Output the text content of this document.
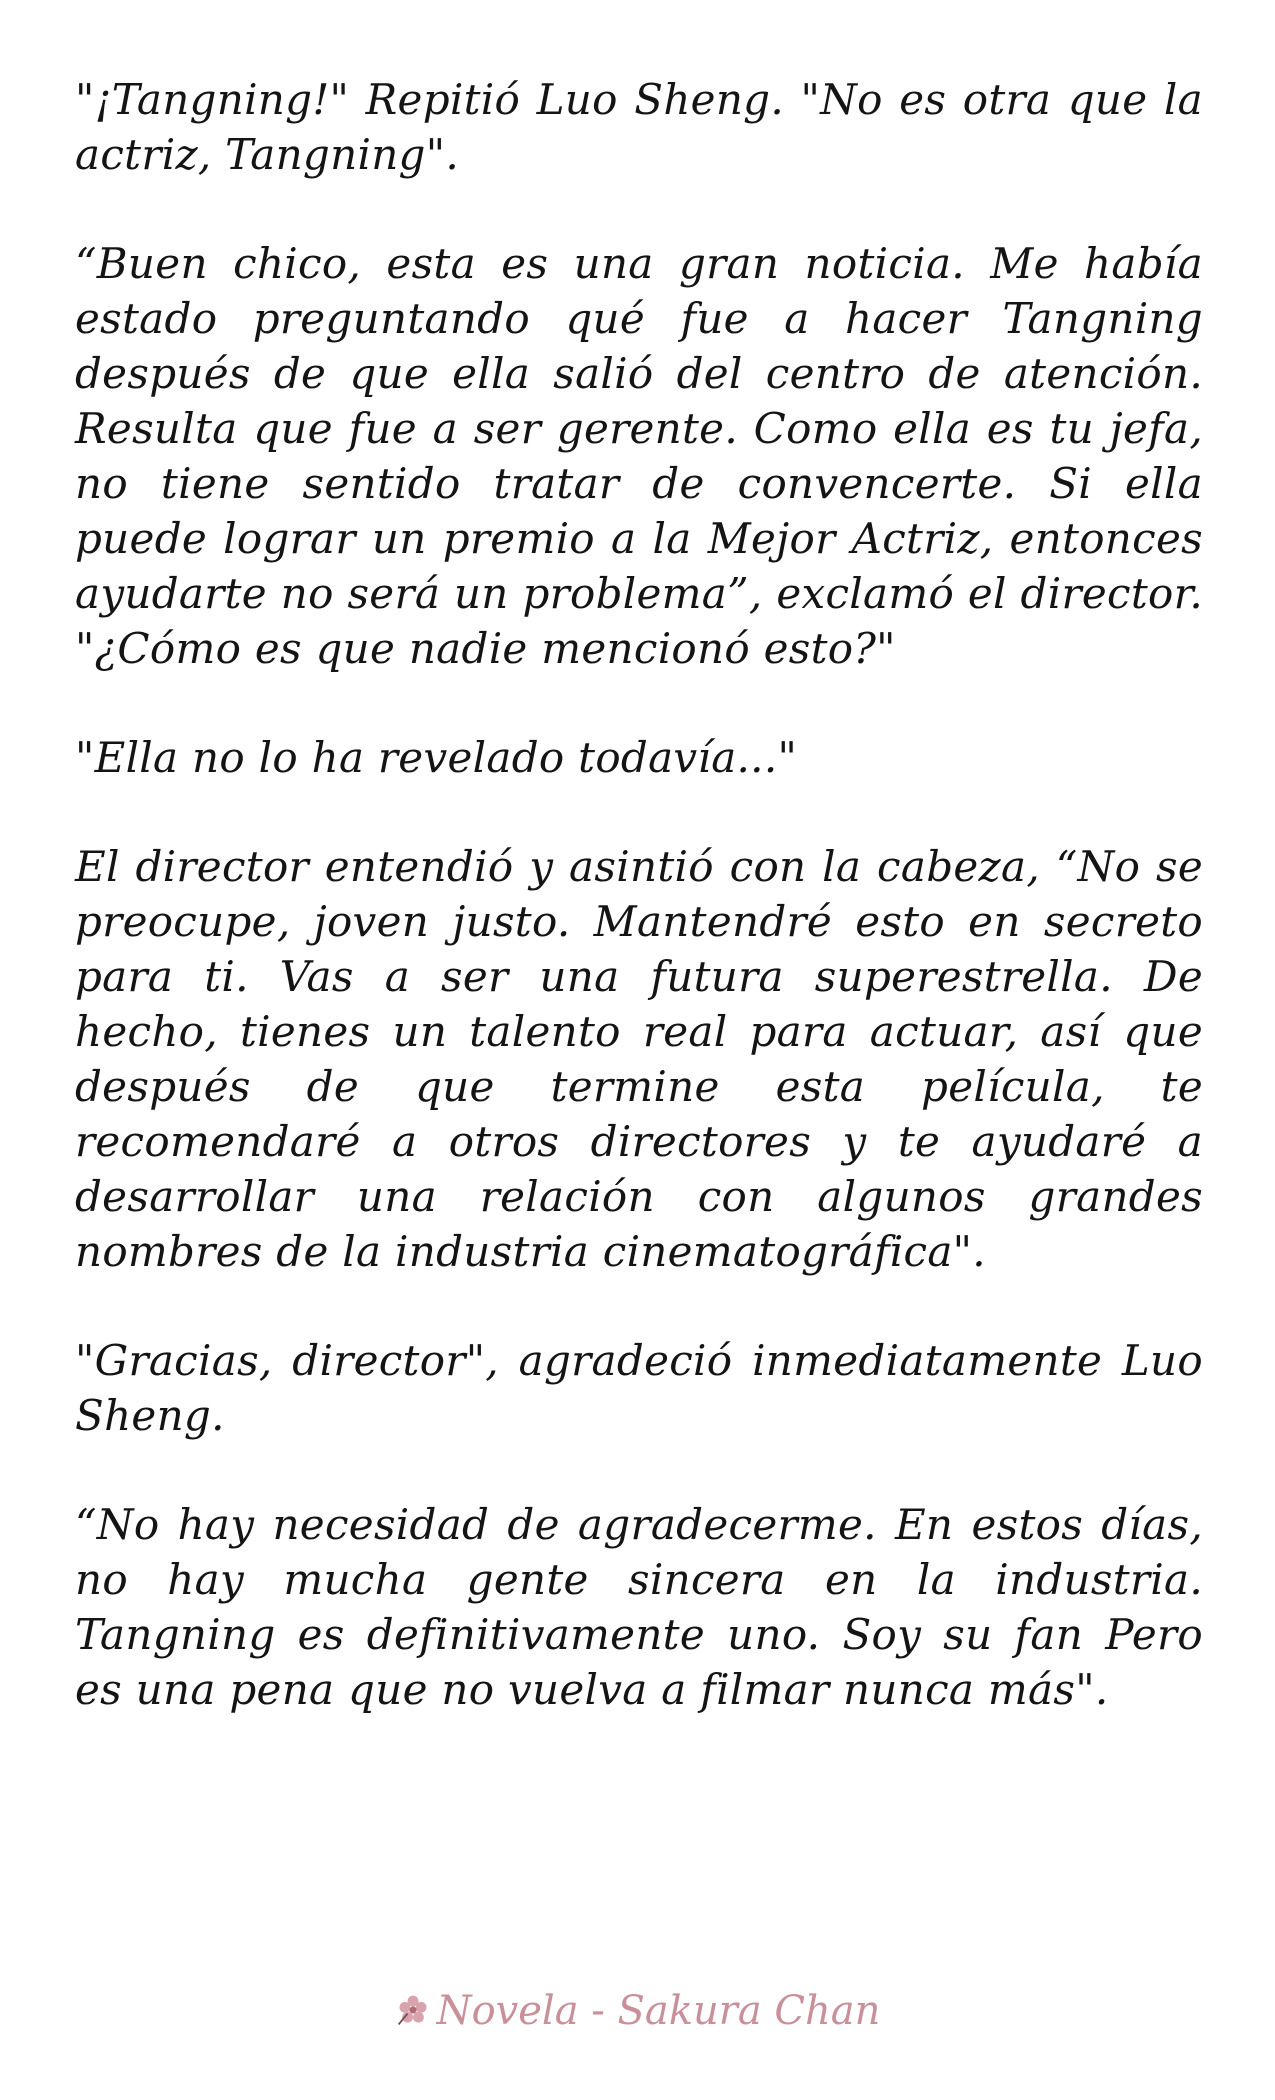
"¡Tangning!" Repitió Luo Sheng. "No es otra que la actriz, Tangning".

“Buen chico, esta es una gran noticia. Me había estado preguntando qué fue a hacer Tangning después de que ella salió del centro de atención. Resulta que fue a ser gerente. Como ella es tu jefa, no tiene sentido tratar de convencerte. Si ella puede lograr un premio a la Mejor Actriz, entonces ayudarte no será un problema”, exclamó el director. "¿Cómo es que nadie mencionó esto?"

"Ella no lo ha revelado todavía..."

El director entendió y asintió con la cabeza, “No se preocupe, joven justo. Mantendré esto en secreto para ti. Vas a ser una futura superestrella. De hecho, tienes un talento real para actuar, así que después de que termine esta película, te recomendaré a otros directores y te ayudaré a desarrollar una relación con algunos grandes nombres de la industria cinematográfica".

"Gracias, director", agradeció inmediatamente Luo Sheng.

“No hay necesidad de agradecerme. En estos días, no hay mucha gente sincera en la industria. Tangning es definitivamente uno. Soy su fan Pero es una pena que no vuelva a filmar nunca más".

Novela - Sakura Chan
